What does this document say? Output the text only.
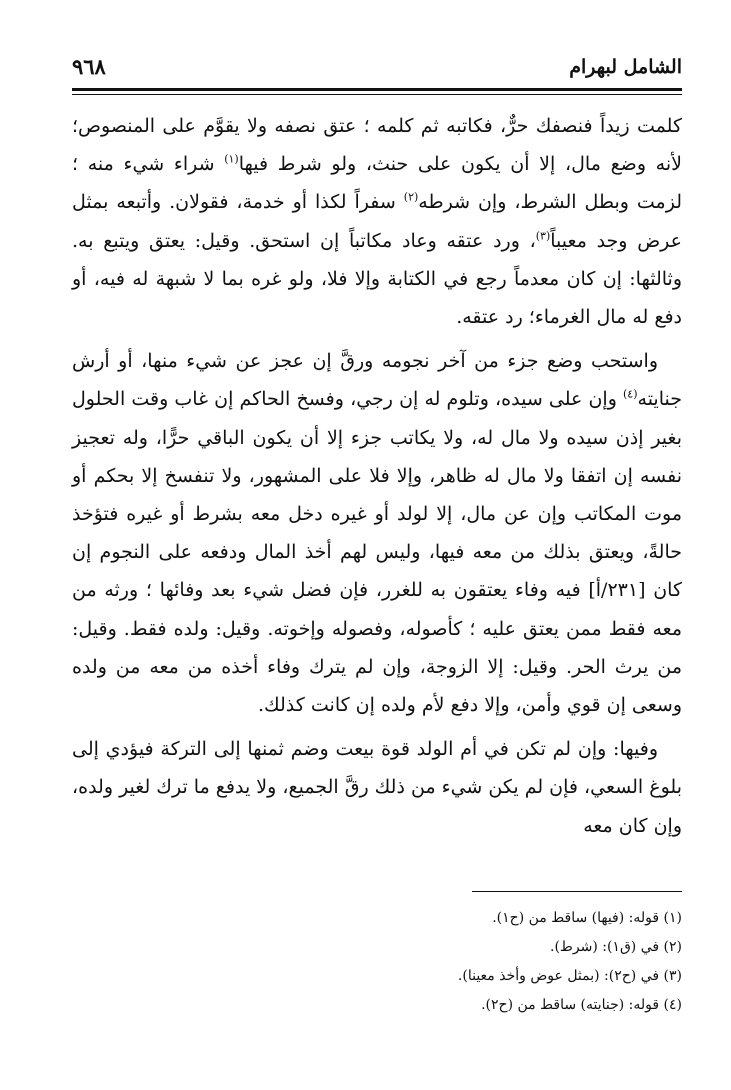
الشامل لبهرام
٩٦٨

كلمت زيداً فنصفك حرٌّ، فكاتبه ثم كلمه ؛ عتق نصفه ولا يقوَّم على المنصوص؛ لأنه وضع مال، إلا أن يكون على حنث، ولو شرط فيها$^{(١)}$ شراء شيء منه ؛ لزمت وبطل الشرط، وإن شرطه$^{(٢)}$ سفراً لكذا أو خدمة، فقولان. وأتبعه بمثل عرض وجد معيباً$^{(٣)}$، ورد عتقه وعاد مكاتباً إن استحق. وقيل: يعتق ويتبع به. وثالثها: إن كان معدماً رجع في الكتابة وإلا فلا، ولو غره بما لا شبهة له فيه، أو دفع له مال الغرماء؛ رد عتقه.

واستحب وضع جزء من آخر نجومه ورقَّ إن عجز عن شيء منها، أو أرش جنايته$^{(٤)}$ وإن على سيده، وتلوم له إن رجي، وفسخ الحاكم إن غاب وقت الحلول بغير إذن سيده ولا مال له، ولا يكاتب جزء إلا أن يكون الباقي حرًّا، وله تعجيز نفسه إن اتفقا ولا مال له ظاهر، وإلا فلا على المشهور، ولا تنفسخ إلا بحكم أو موت المكاتب وإن عن مال، إلا لولد أو غيره دخل معه بشرط أو غيره فتؤخذ حالةً، ويعتق بذلك من معه فيها، وليس لهم أخذ المال ودفعه على النجوم إن كان [٢٣١/أ] فيه وفاء يعتقون به للغرر، فإن فضل شيء بعد وفائها ؛ ورثه من معه فقط ممن يعتق عليه ؛ كأصوله، وفصوله وإخوته. وقيل: ولده فقط. وقيل: من يرث الحر. وقيل: إلا الزوجة، وإن لم يترك وفاء أخذه من معه من ولده وسعى إن قوي وأمن، وإلا دفع لأم ولده إن كانت كذلك.

وفيها: وإن لم تكن في أم الولد قوة بيعت وضم ثمنها إلى التركة فيؤدي إلى بلوغ السعي، فإن لم يكن شيء من ذلك رقَّ الجميع، ولا يدفع ما ترك لغير ولده، وإن كان معه

(١) قوله: (فيها) ساقط من (ح١).

(٢) في (ق١): (شرط).

(٣) في (ح٢): (بمثل عوض وأخذ معينا).

(٤) قوله: (جنايته) ساقط من (ح٢).
